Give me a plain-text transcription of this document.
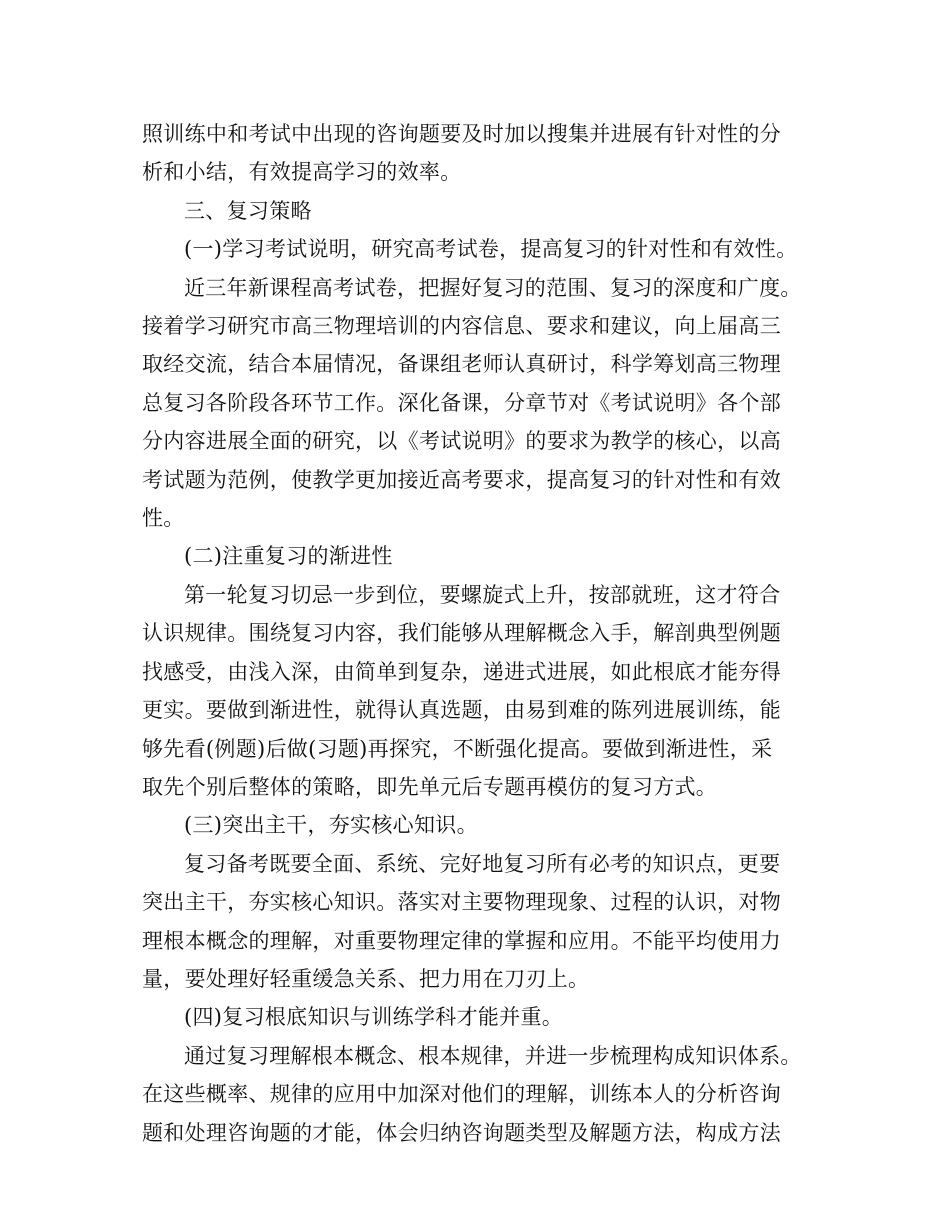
照训练中和考试中出现的咨询题要及时加以搜集并进展有针对性的分
析和小结，有效提高学习的效率。
三、复习策略
(一)学习考试说明，研究高考试卷，提高复习的针对性和有效性。
近三年新课程高考试卷，把握好复习的范围、复习的深度和广度。
接着学习研究市高三物理培训的内容信息、要求和建议，向上届高三
取经交流，结合本届情况，备课组老师认真研讨，科学筹划高三物理
总复习各阶段各环节工作。深化备课，分章节对《考试说明》各个部
分内容进展全面的研究，以《考试说明》的要求为教学的核心，以高
考试题为范例，使教学更加接近高考要求，提高复习的针对性和有效
性。
(二)注重复习的渐进性
第一轮复习切忌一步到位，要螺旋式上升，按部就班，这才符合
认识规律。围绕复习内容，我们能够从理解概念入手，解剖典型例题
找感受，由浅入深，由简单到复杂，递进式进展，如此根底才能夯得
更实。要做到渐进性，就得认真选题，由易到难的陈列进展训练，能
够先看(例题)后做(习题)再探究，不断强化提高。要做到渐进性，采
取先个别后整体的策略，即先单元后专题再模仿的复习方式。
(三)突出主干，夯实核心知识。
复习备考既要全面、系统、完好地复习所有必考的知识点，更要
突出主干，夯实核心知识。落实对主要物理现象、过程的认识，对物
理根本概念的理解，对重要物理定律的掌握和应用。不能平均使用力
量，要处理好轻重缓急关系、把力用在刀刃上。
(四)复习根底知识与训练学科才能并重。
通过复习理解根本概念、根本规律，并进一步梳理构成知识体系。
在这些概率、规律的应用中加深对他们的理解，训练本人的分析咨询
题和处理咨询题的才能，体会归纳咨询题类型及解题方法，构成方法
